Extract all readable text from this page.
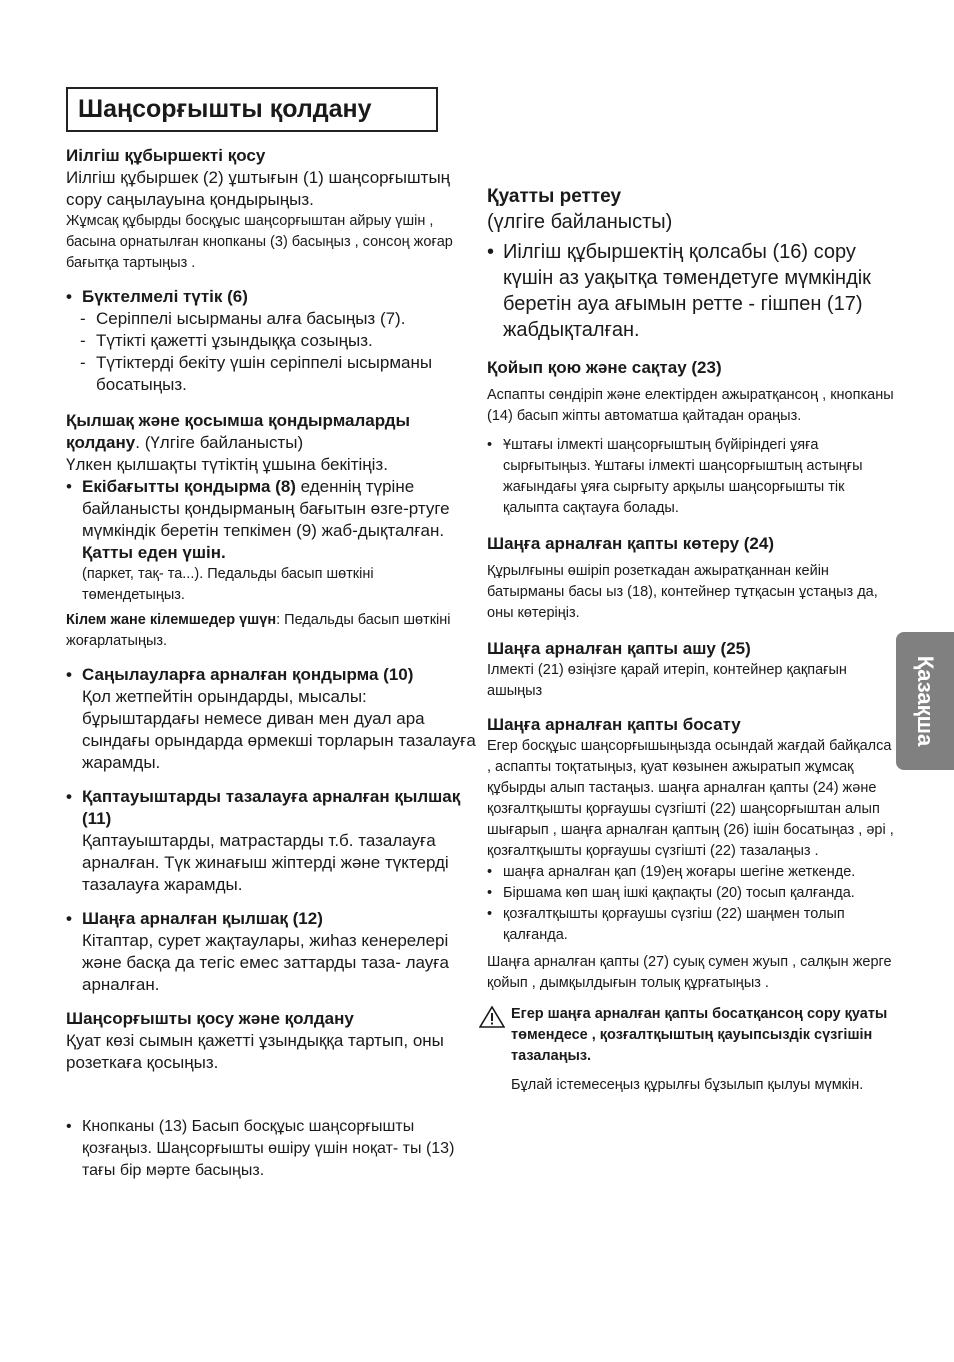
Шаңсорғышты қолдану

Иілгіш құбыршекті қосу

Иілгіш құбыршек (2) ұштығын (1) шаңсорғыштың сору саңылауына қондырыңыз.

Жұмсақ құбырды босқұыс шаңсорғыштан айрыу үшін , басына орнатылған кнопканы (3) басыңыз , сонсоң жоғар бағытқа тартыңыз .

• Бүктелмелі түтік (6)

- Серіппелі ысырманы алға басыңыз (7).

- Түтікті қажетті ұзындыққа созыңыз.

- Түтіктерді бекіту үшін серіппелі ысырманы босатыңыз.

Қылшақ және қосымша қондырмаларды қолдану. (Үлгіге байланысты)

Үлкен қылшақты түтіктің ұшына бекітіңіз.

• Екібағытты қондырма (8) еденнің түріне байланысты қондырманың бағытын өзге-ртуге мүмкіндік беретін тепкімен (9) жаб-дықталған. Қатты еден үшін.

(паркет, тақ- та...). Педальды басып шөткіні төмендетыңыз.

Кілем жане кілемшедер үшүн: Педальды басып шөткіні жоғарлатыңыз.

• Саңылауларға арналған қондырма (10)

Қол жетпейтін орындарды, мысалы: бұрыштардағы немесе диван мен дуал ара сындағы орындарда өрмекші торларын тазалауға жарамды.

• Қаптауыштарды тазалауға арналған қылшақ (11)

Қаптауыштарды, матрастарды т.б. тазалауға арналған. Түк жинағыш жіптерді және түктерді тазалауға жарамды.

• Шаңға арналған қылшақ (12)

Кітаптар, сурет жақтаулары, жиһаз кенерелері және басқа да тегіс емес заттарды таза- лауға арналған.

Шаңсорғышты қосу және қолдану

Қуат көзі сымын қажетті ұзындыққа тартып, оны розеткаға қосыңыз.

• Кнопканы (13) Басып босқұыс шаңсорғышты қозғаңыз. Шаңсорғышты өшіру үшін ноқат- ты (13) тағы бір мәрте басыңыз.

Қуатты реттеу

(үлгіге байланысты)

• Иілгіш құбыршектің қолсабы (16) сору күшін аз уақытқа төмендетуге мүмкіндік беретін ауа ағымын ретте - гішпен (17) жабдықталған.

Қойып қою және сақтау (23)

Аспапты сөндіріп және електірден ажыратқансоң , кнопканы (14) басып жіпты автоматша қайтадан ораңыз.

• Ұштағы ілмекті шаңсорғыштың бүйіріндегі ұяға сырғытыңыз. Ұштағы ілмекті шаңсорғыштың астыңғы жағындағы ұяға сырғыту арқылы шаңсорғышты тік қалыпта сақтауға болады.

Шаңға арналған қапты көтеру (24)

Құрылғыны өшіріп розеткадан ажыратқаннан кейін батырманы басы ыз (18), контейнер тұтқасын ұстаңыз да, оны көтеріңіз.

Шаңға арналған қапты ашу (25)

Ілмекті (21) өзіңізге қарай итеріп, контейнер қақпағын ашыңыз

Шаңға арналған қапты босату

Егер босқұыс шаңсорғышыңызда осындай жағдай байқалса , аспапты тоқтатыңыз, қуат көзынен ажыратып жұмсақ құбырды алып тастаңыз. шаңға арналған қапты (24) және қозғалтқышты қорғаушы сүзгішті (22) шаңсорғыштан алып шығарып , шаңға арналған қаптың (26) ішін босатыңаз , әрі , қозғалтқышты қорғаушы сүзгішті (22) тазалаңыз .

• шаңға арналған қап (19)ең жоғары шегіне жеткенде.

• Біршама көп шаң ішкі қақпақты (20) тосып қалғанда.

• қозғалтқышты қорғаушы сүзгіш (22) шаңмен толып қалғанда.

Шаңға арналған қапты (27) суық сумен жуып , салқын жерге қойып , дымқылдығын толық құрғатыңыз .

Егер шаңға арналған қапты босатқансоң сору қуаты төмендесе , қозғалтқыштың қауыпсыздік сүзгішін тазалаңыз.

Бұлай істемесеңыз құрылғы бұзылып қылуы мүмкін.

Қазақша
